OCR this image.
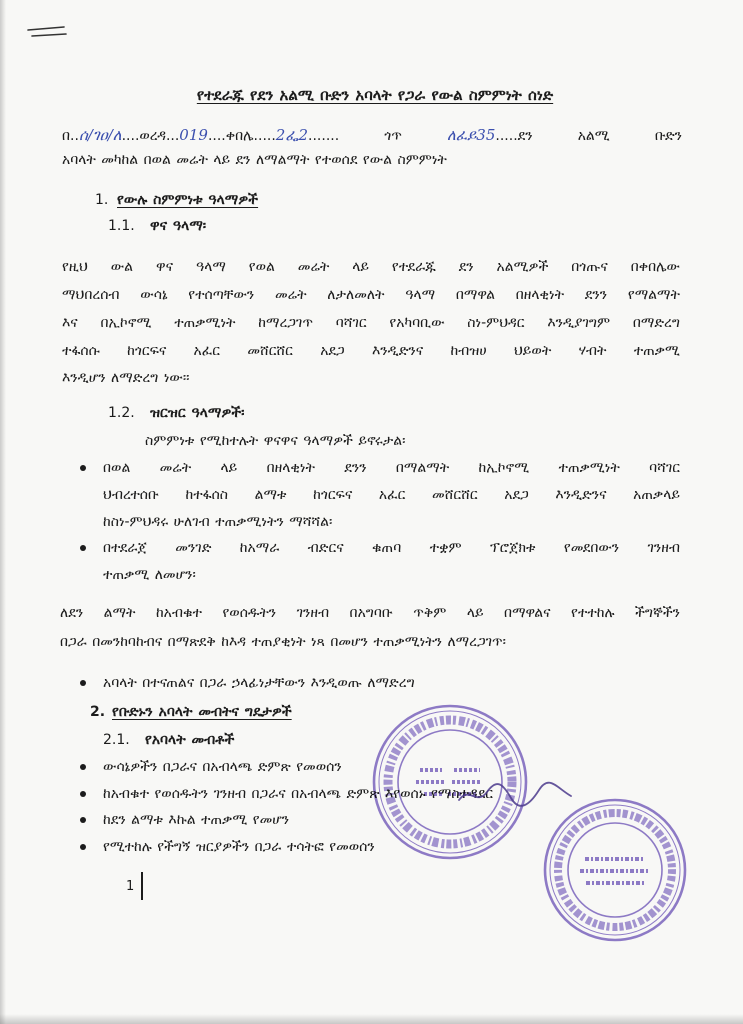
የተደራጁ የደን አልሚ ቡድን አባላት የጋራ የውል ስምምነት ሰነድ
በ..ሰ/ገዐ/ለ....ወረዳ...019....ቀበሌ.....2ፌ2....... ጎጥ ለፈይ35.....ደን አልሚ ቡድን
አባላት መካከል በወል መሬት ላይ ደን ለማልማት የተወሰደ የውል ስምምነት
1. የውሉ ስምምነቱ ዓላማዎች
1.1.	ዋና ዓላማ፡
የዚህ ውል ዋና ዓላማ የወል መሬት ላይ የተደራጁ ደን አልሚዎች በጎጡና በቀበሌው
ማህበረሰብ ውሳኔ የተሰጣቸውን መሬት ለታለመለት ዓላማ በማዋል በዘላቂነት ደንን የማልማት
እና በኢኮኖሚ ተጠቃሚነት ከማረጋገጥ ባሻገር የአካባቢው ስነ-ምህዳር እንዲያገግም በማድረግ
ተፋሰሱ ከጎርፍና አፈር መሸርሸር አደጋ እንዲድንና ከብዝሀ ህይወት ሃብት ተጠቃሚ
እንዲሆን ለማድረግ ነው፡፡
1.2.	ዝርዝር ዓላማዎች፡
ስምምነቱ የሚከተሉት ዋናዋና ዓላማዎች ይኖሩታል፡
በወል መሬት ላይ በዘላቂነት ደንን በማልማት ከኢኮኖሚ ተጠቃሚነት ባሻገር
ህብረተሰቡ ከተፋሰስ ልማቱ ከጎርፍና አፈር መሸርሸር አደጋ እንዲድንና አጠቃላይ
ከስነ-ምህዳሩ ሁለገብ ተጠቃሚነትን ማሻሻል፡
በተደራጀ መንገድ ከአማራ ብድርና ቁጠባ ተቋም ፕሮጀክቱ የመደበውን ገንዘብ
ተጠቃሚ ለመሆን፡
ለደን ልማት ከአብቁተ የወሰዱትን ገንዘብ በአግባቡ ጥቅም ላይ በማዋልና የተተከሉ ችግኞችን
በጋራ በመንከባከብና በማጽደቅ ከእዳ ተጠያቂነት ነጻ በመሆን ተጠቃሚነትን ለማረጋገጥ፡
አባላት በተናጠልና በጋራ ኃላፊነታቸውን እንዲወጡ ለማድረግ
2. የቡድኑን አባላት መብትና ግዴታዎች
2.1.	የአባላት መብቶች
ውሳኔዎችን በጋራና በአብላጫ ድምጽ የመወሰን
ከአብቁተ የወሰዱትን ገንዘብ በጋራና በአብላጫ ድምጽ እየወሰኑ የማስተዳደር
ከደን ልማቱ እኩል ተጠቃሚ የመሆን
የሚተከሉ የችግኝ ዝርያዎችን በጋራ ተሳትፎ የመወሰን
1
